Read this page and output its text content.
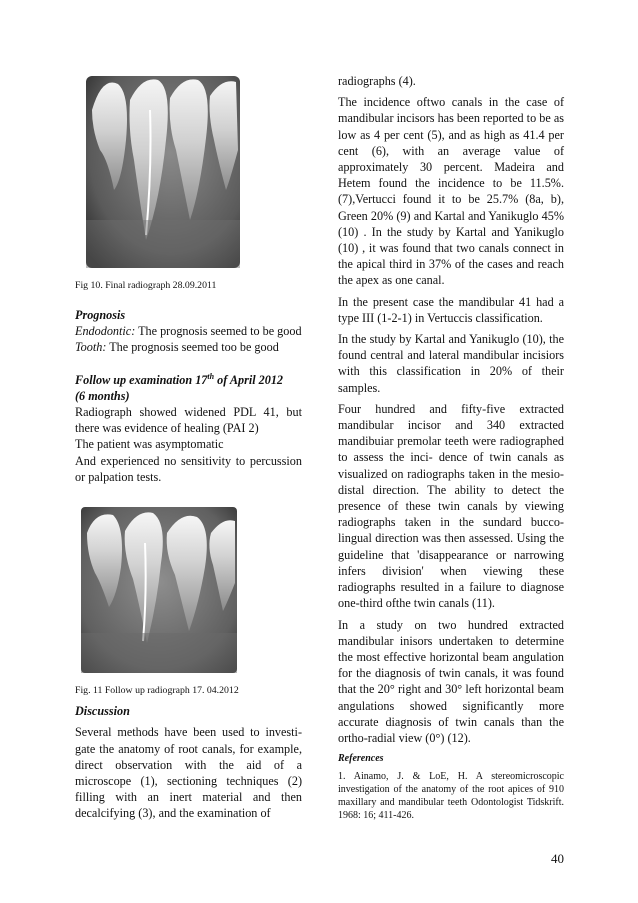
Fig 10. Final radiograph 28.09.2011

Prognosis

Endodontic: The prognosis seemed to be good

Tooth: The prognosis seemed too be good

Follow up examination 17th of April 2012

(6 months)

Radiograph showed widened PDL 41, but there was evidence of healing (PAI 2)

The patient was asymptomatic

And experienced no sensitivity to percussion or palpation tests.

Fig. 11 Follow up radiograph 17. 04.2012

Discussion

Several methods have been used to investi-gate the anatomy of root canals, for example, direct observation with the aid of a microscope (1), sectioning techniques (2) filling with an inert material and then decalcifying (3), and the examination of

radiographs (4).

The incidence oftwo canals in the case of mandibular incisors has been reported to be as low as 4 per cent (5), and as high as 41.4 per cent (6), with an average value of approximately 30 percent. Madeira and Hetem found the incidence to be 11.5%. (7),Vertucci found it to be 25.7% (8a, b), Green 20% (9) and Kartal and Yanikuglo 45%(10) . In the study by Kartal and Yanikuglo (10) , it was found that two canals connect in the apical third in 37% of the cases and reach the apex as one canal.

In the present case the mandibular 41 had a type III (1-2-1) in Vertuccis classification.

In the study by Kartal and Yanikuglo (10), the found central and lateral mandibular incisiors with this classification in 20% of their samples.

Four hundred and fifty-five extracted mandibular incisor and 340 extracted mandibuiar premolar teeth were radiographed to assess the inci- dence of twin canals as visualized on radiographs taken in the mesio-distal direction. The ability to detect the presence of these twin canals by viewing radiographs taken in the sundard bucco-lingual direction was then assessed. Using the guideline that 'disappearance or narrowing infers division' when viewing these radiographs resulted in a failure to diagnose one-third ofthe twin canals (11).

In a study on two hundred extracted mandibular inisors undertaken to determine the most effective horizontal beam angulation for the diagnosis of twin canals, it was found that the 20° right and 30° left horizontal beam angulations showed significantly more accurate diagnosis of twin canals than the ortho-radial view (0°) (12).

References

1. Ainamo, J. & LoE, H. A stereomicroscopic investigation of the anatomy of the root apices of 910 maxillary and mandibular teeth Odontologist Tidskrift. 1968: 16; 411-426.

40
